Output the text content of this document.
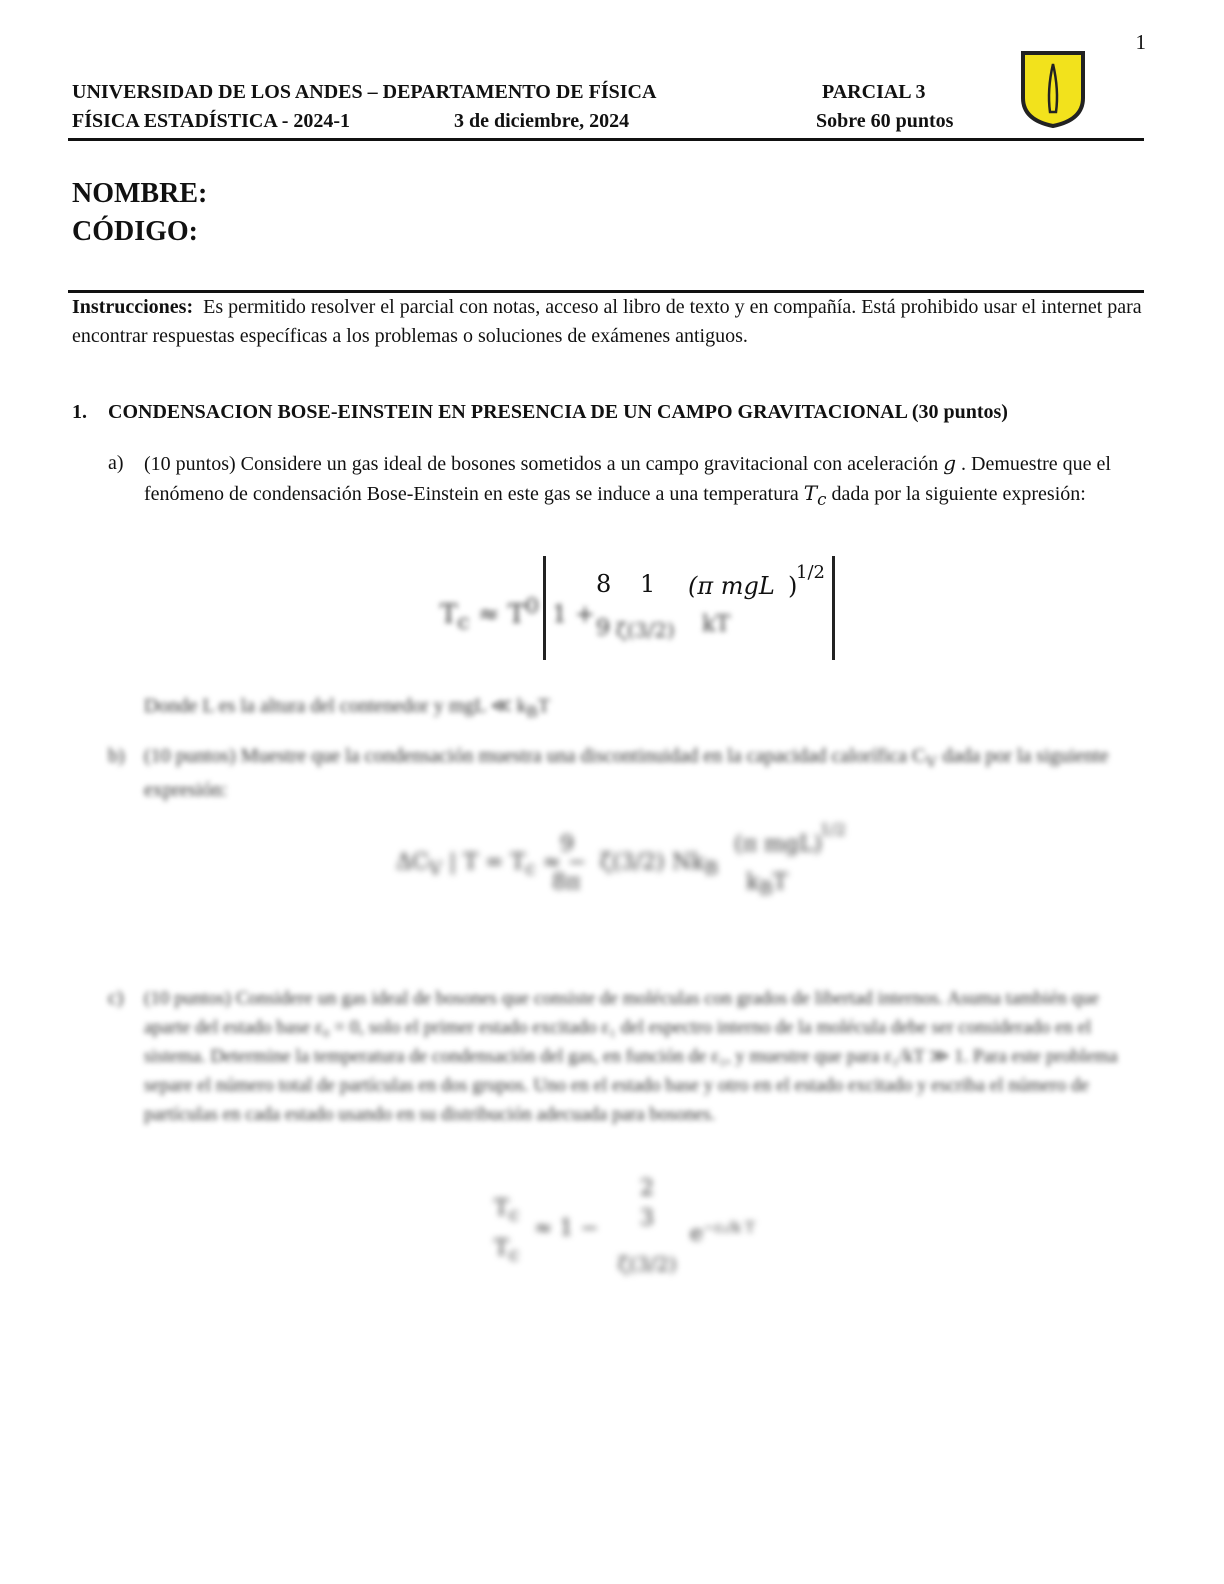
1
UNIVERSIDAD DE LOS ANDES – DEPARTAMENTO DE FÍSICA	PARCIAL 3
FÍSICA ESTADÍSTICA - 2024-1	3 de diciembre, 2024	Sobre 60 puntos
NOMBRE:
CÓDIGO:
Instrucciones: Es permitido resolver el parcial con notas, acceso al libro de texto y en compañía. Está prohibido usar el internet para encontrar respuestas específicas a los problemas o soluciones de exámenes antiguos.
1. CONDENSACION BOSE-EINSTEIN EN PRESENCIA DE UN CAMPO GRAVITACIONAL (30 puntos)
a)	(10 puntos) Considere un gas ideal de bosones sometidos a un campo gravitacional con aceleración g . Demuestre que el fenómeno de condensación Bose-Einstein en este gas se induce a una temperatura $T_c$ dada por la siguiente expresión:
$T_c \approx T^0$ 1 +
8
9
1
ζ(3/2)
(π mgL
kT
)
1/2
Donde L es la altura del contenedor y mgL ≪ $k_BT$
b) (10 puntos) Muestre que la condensación muestra una discontinuidad en la capacidad calorífica $C_V$ dada por la siguiente expresión:
$\Delta C_V$ | $T = T_c$ ≈ −
9
8π
ζ(3/2) $Nk_B$
(π mgL)
$k_BT$
1/2
c)	(10 puntos) Considere un gas ideal de bosones que consiste de moléculas con grados de libertad internos. Asuma también que aparte del estado base ε₀ = 0, solo el primer estado excitado ε₁ del espectro interno de la molécula debe ser considerado en el sistema. Determine la temperatura de condensación del gas, en función de ε₁, y muestre que para ε₁/kT ≫ 1. Para este problema separe el número total de partículas en dos grupos. Uno en el estado base y otro en el estado excitado y escriba el número de partículas en cada estado usando en su distribución adecuada para bosones.
$T_c$
$T_c$
≈ 1 −
2
3
ζ(3/2)
$e^{-\varepsilon_1/k T}$
